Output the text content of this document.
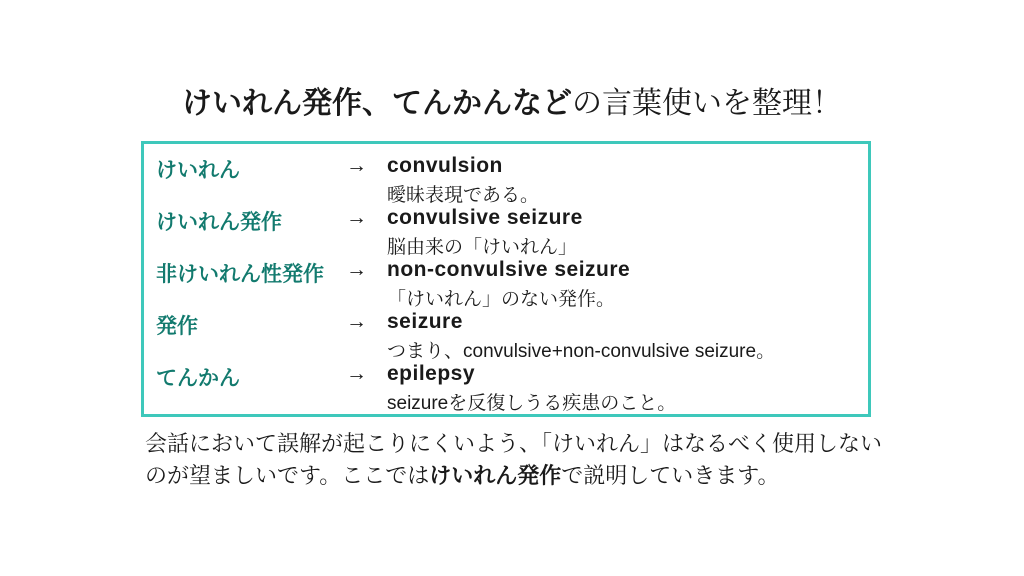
けいれん発作、てんかんなどの言葉使いを整理！
けいれん	→ convulsion
曖昧表現である。
けいれん発作	→ convulsive seizure
脳由来の「けいれん」
非けいれん性発作 → non-convulsive seizure
「けいれん」のない発作。
発作	→ seizure
つまり、convulsive+non-convulsive seizure。
てんかん	→ epilepsy
seizureを反復しうる疾患のこと。
会話において誤解が起こりにくいよう、「けいれん」はなるべく使用しないのが望ましいです。ここではけいれん発作で説明していきます。
